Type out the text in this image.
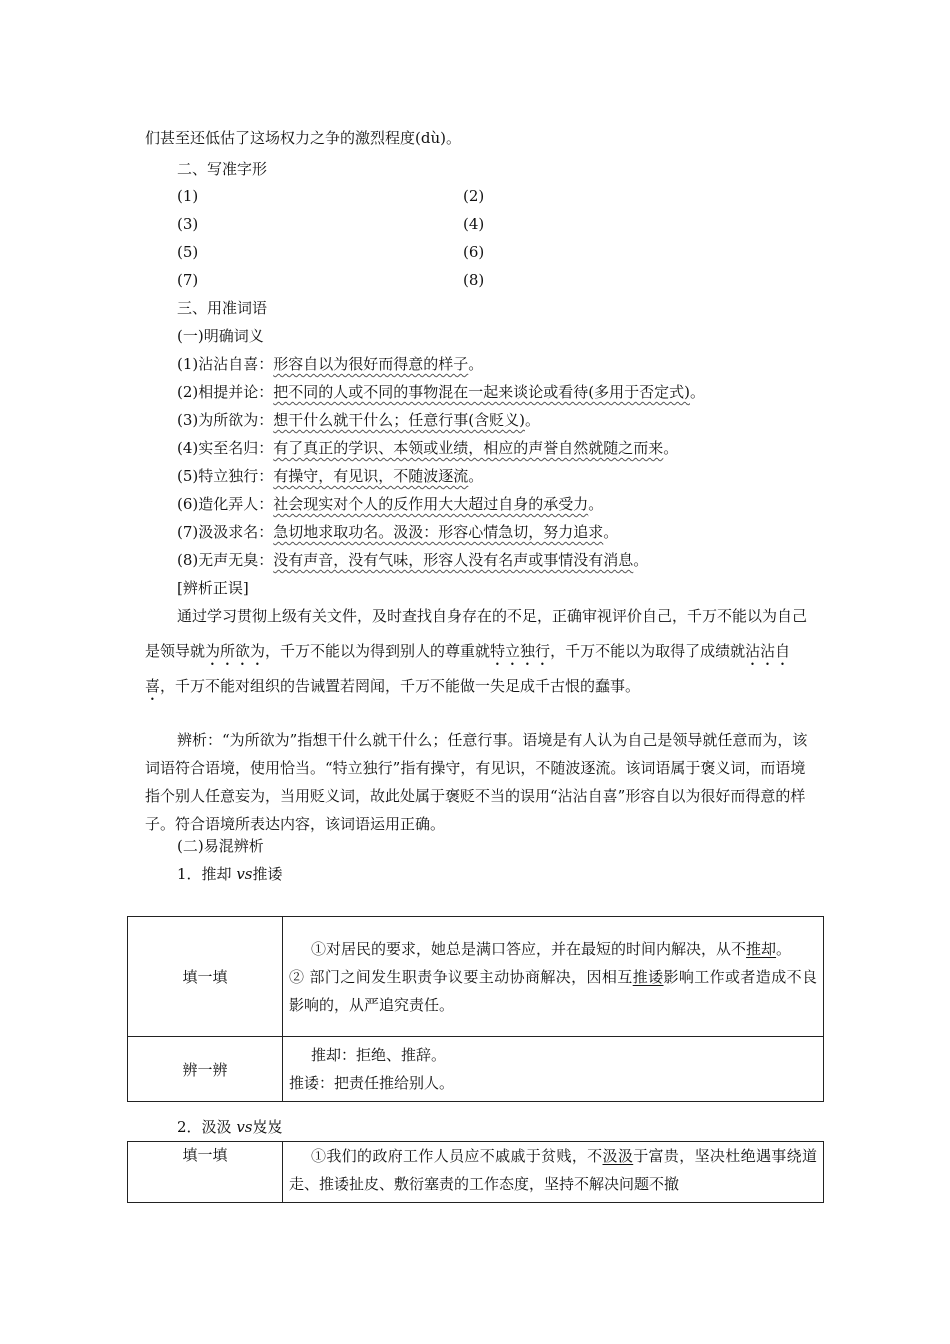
们甚至还低估了这场权力之争的激烈程度(dù)。
二、写准字形
(1)	(2)
(3)	(4)
(5)	(6)
(7)	(8)
三、用准词语
(一)明确词义
(1)沾沾自喜：形容自以为很好而得意的样子。
(2)相提并论：把不同的人或不同的事物混在一起来谈论或看待(多用于否定式)。
(3)为所欲为：想干什么就干什么；任意行事(含贬义)。
(4)实至名归：有了真正的学识、本领或业绩，相应的声誉自然就随之而来。
(5)特立独行：有操守，有见识，不随波逐流。
(6)造化弄人：社会现实对个人的反作用大大超过自身的承受力。
(7)汲汲求名：急切地求取功名。汲汲：形容心情急切，努力追求。
(8)无声无臭：没有声音，没有气味，形容人没有名声或事情没有消息。
[辨析正误]
通过学习贯彻上级有关文件，及时查找自身存在的不足，正确审视评价自己，千万不能以为自己是领导就为所欲为，千万不能以为得到别人的尊重就特立独行，千万不能以为取得了成绩就沾沾自喜，千万不能对组织的告诫置若罔闻，千万不能做一失足成千古恨的蠢事。
辨析：“为所欲为”指想干什么就干什么；任意行事。语境是有人认为自己是领导就任意而为，该词语符合语境，使用恰当。“特立独行”指有操守，有见识，不随波逐流。该词语属于褒义词，而语境指个别人任意妄为，当用贬义词，故此处属于褒贬不当的误用“沾沾自喜”形容自以为很好而得意的样子。符合语境所表达内容，该词语运用正确。
(二)易混辨析
1．推却 vs推诿
填一填	①对居民的要求，她总是满口答应，并在最短的时间内解决，从不推却。
② 部门之间发生职责争议要主动协商解决，因相互推诿影响工作或者造成不良影响的，从严追究责任。

辨一辨	推却：拒绝、推辞。
推诿：把责任推给别人。
2．汲汲 vs岌岌
填一填	①我们的政府工作人员应不戚戚于贫贱，不汲汲于富贵，坚决杜绝遇事绕道走、推诿扯皮、敷衍塞责的工作态度，坚持不解决问题不撤
